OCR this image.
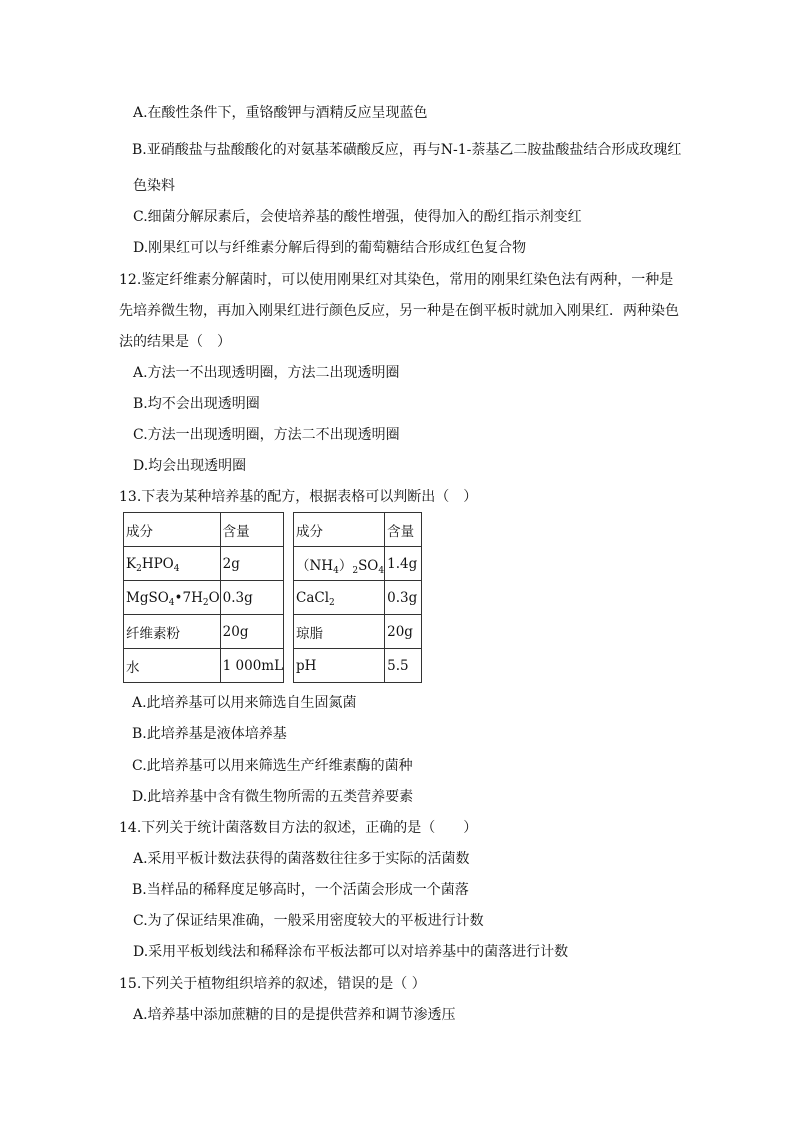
A.在酸性条件下，重铬酸钾与酒精反应呈现蓝色
B.亚硝酸盐与盐酸酸化的对氨基苯磺酸反应，再与N-1-萘基乙二胺盐酸盐结合形成玫瑰红
色染料
C.细菌分解尿素后，会使培养基的酸性增强，使得加入的酚红指示剂变红
D.刚果红可以与纤维素分解后得到的葡萄糖结合形成红色复合物
12.鉴定纤维素分解菌时，可以使用刚果红对其染色，常用的刚果红染色法有两种，一种是
先培养微生物，再加入刚果红进行颜色反应，另一种是在倒平板时就加入刚果红．两种染色
法的结果是（　）
A.方法一不出现透明圈，方法二出现透明圈
B.均不会出现透明圈
C.方法一出现透明圈，方法二不出现透明圈
D.均会出现透明圈
13.下表为某种培养基的配方，根据表格可以判断出（　）
成分	含量
$K_2HPO_4$	2g
$MgSO_4•7H_2O$	0.3g
纤维素粉	20g
水	1 000mL
成分	含量
$(NH_4)_2SO_4$	1.4g
CaCl$_2$	0.3g
琼脂	20g
pH	5.5
A.此培养基可以用来筛选自生固氮菌
B.此培养基是液体培养基
C.此培养基可以用来筛选生产纤维素酶的菌种
D.此培养基中含有微生物所需的五类营养要素
14.下列关于统计菌落数目方法的叙述，正确的是（　　）
A.采用平板计数法获得的菌落数往往多于实际的活菌数
B.当样品的稀释度足够高时，一个活菌会形成一个菌落
C.为了保证结果准确，一般采用密度较大的平板进行计数
D.采用平板划线法和稀释涂布平板法都可以对培养基中的菌落进行计数
15.下列关于植物组织培养的叙述，错误的是（ ）
A.培养基中添加蔗糖的目的是提供营养和调节渗透压
